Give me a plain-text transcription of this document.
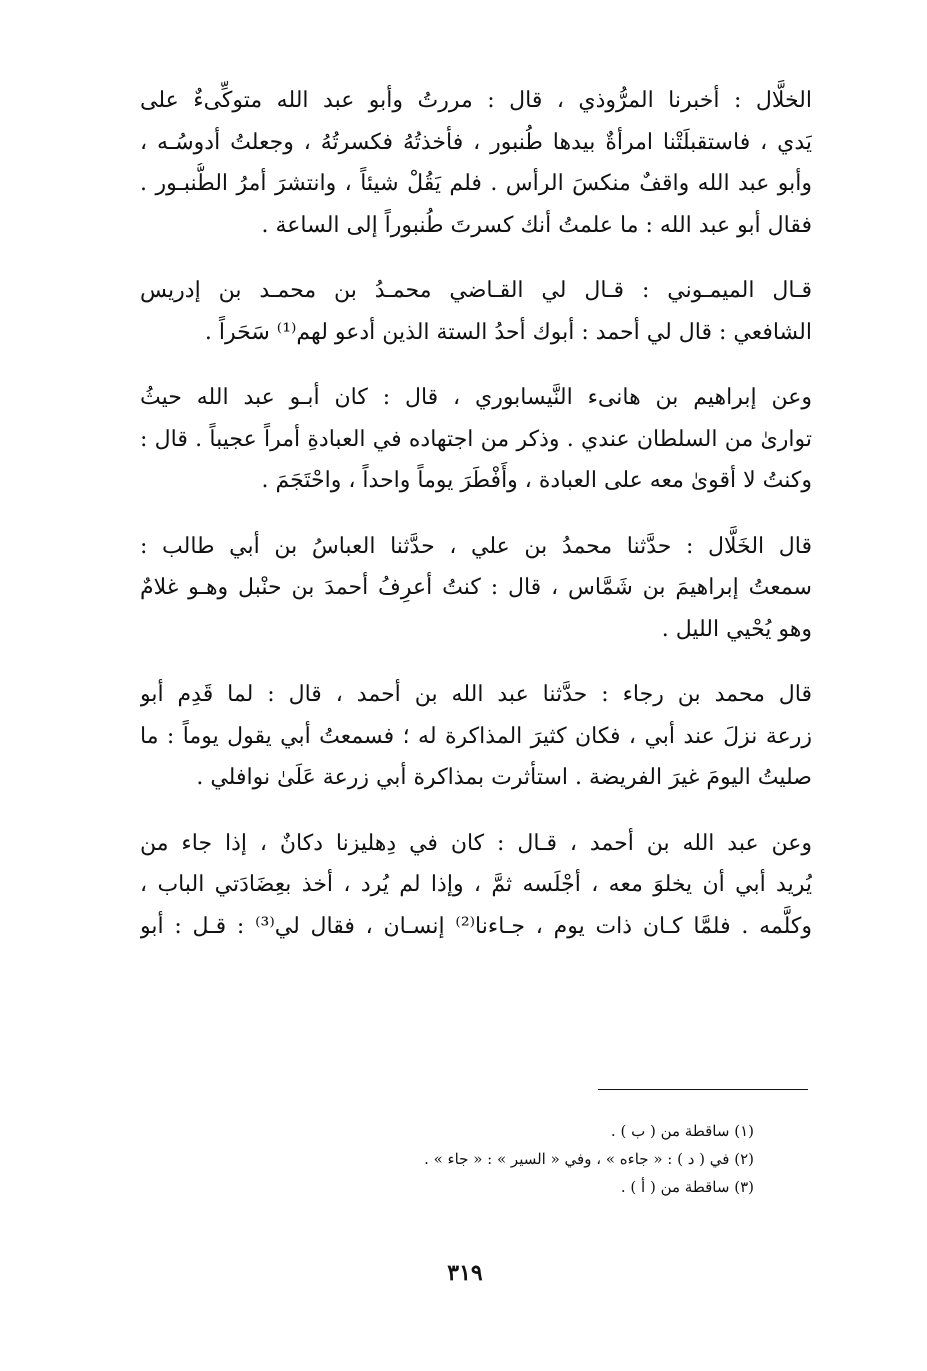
الخلَّال : أخبرنا المرُّوذي ، قال : مررتُ وأبو عبد الله متوكِّىءٌ على
يَدي ، فاستقبلَتْنا امرأةٌ بيدها طُنبور ، فأخذتُهُ فكسرتُهُ ، وجعلتُ أدوسُـه ،
وأبو عبد الله واقفٌ منكسَ الرأس . فلم يَقُلْ شيئاً ، وانتشرَ أمرُ الطُّنبـور .
فقال أبو عبد الله : ما علمتُ أنك كسرتَ طُنبوراً إلى الساعة .
قـال الميمـوني : قـال لي القـاضي محمـدُ بن محمـد بن إدريس
الشافعي : قال لي أحمد : أبوك أحدُ الستة الذين أدعو لهم⁽¹⁾ سَحَراً .
وعن إبراهيم بن هانىء النَّيسابوري ، قال : كان أبـو عبد الله حيثُ
توارىٰ من السلطان عندي . وذكر من اجتهاده في العبادةِ أمراً عجيباً . قال :
وكنتُ لا أقوىٰ معه على العبادة ، وأَفْطَرَ يوماً واحداً ، واحْتَجَمَ .
قال الخَلَّال : حدَّثنا محمدُ بن علي ، حدَّثنا العباسُ بن أبي طالب :
سمعتُ إبراهيمَ بن شَمَّاس ، قال : كنتُ أعرِفُ أحمدَ بن حنْبل وهـو غلامٌ
وهو يُحْيي الليل .
قال محمد بن رجاء : حدَّثنا عبد الله بن أحمد ، قال : لما قَدِم أبو
زرعة نزلَ عند أبي ، فكان كثيرَ المذاكرة له ؛ فسمعتُ أبي يقول يوماً : ما
صليتُ اليومَ غيرَ الفريضة . استأثرت بمذاكرة أبي زرعة عَلَىٰ نوافلي .
وعن عبد الله بن أحمد ، قـال : كان في دِهليزنا دكانٌ ، إذا جاء من
يُريد أبي أن يخلوَ معه ، أجْلَسه ثمَّ ، وإذا لم يُرد ، أخذ بعِضَادَتي الباب ،
وكلَّمه . فلمَّا كـان ذات يوم ، جـاءنا⁽²⁾ إنسـان ، فقال لي⁽³⁾ : قـل : أبو
(١) ساقطة من ( ب ) .
(٢) في ( د ) : « جاءه » ، وفي « السير » : « جاء » .
(٣) ساقطة من ( أ ) .
٣١٩
